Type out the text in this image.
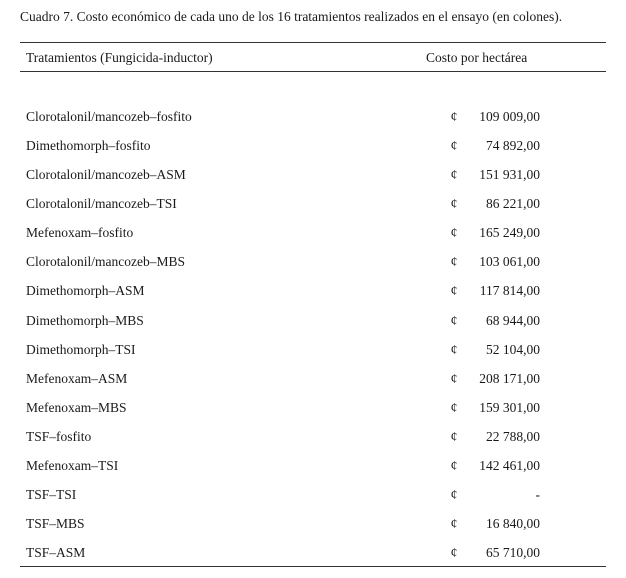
Cuadro 7. Costo económico de cada uno de los 16 tratamientos realizados en el ensayo (en colones).
Tratamientos (Fungicida-inductor)	Costo por hectárea
Clorotalonil/mancozeb–fosfito	¢ 109 009,00
Dimethomorph–fosfito	¢ 74 892,00
Clorotalonil/mancozeb–ASM	¢ 151 931,00
Clorotalonil/mancozeb–TSI	¢ 86 221,00
Mefenoxam–fosfito	¢ 165 249,00
Clorotalonil/mancozeb–MBS	¢ 103 061,00
Dimethomorph–ASM	¢ 117 814,00
Dimethomorph–MBS	¢ 68 944,00
Dimethomorph–TSI	¢ 52 104,00
Mefenoxam–ASM	¢ 208 171,00
Mefenoxam–MBS	¢ 159 301,00
TSF–fosfito	¢ 22 788,00
Mefenoxam–TSI	¢ 142 461,00
TSF–TSI	¢	-
TSF–MBS	¢ 16 840,00
TSF–ASM	¢ 65 710,00
